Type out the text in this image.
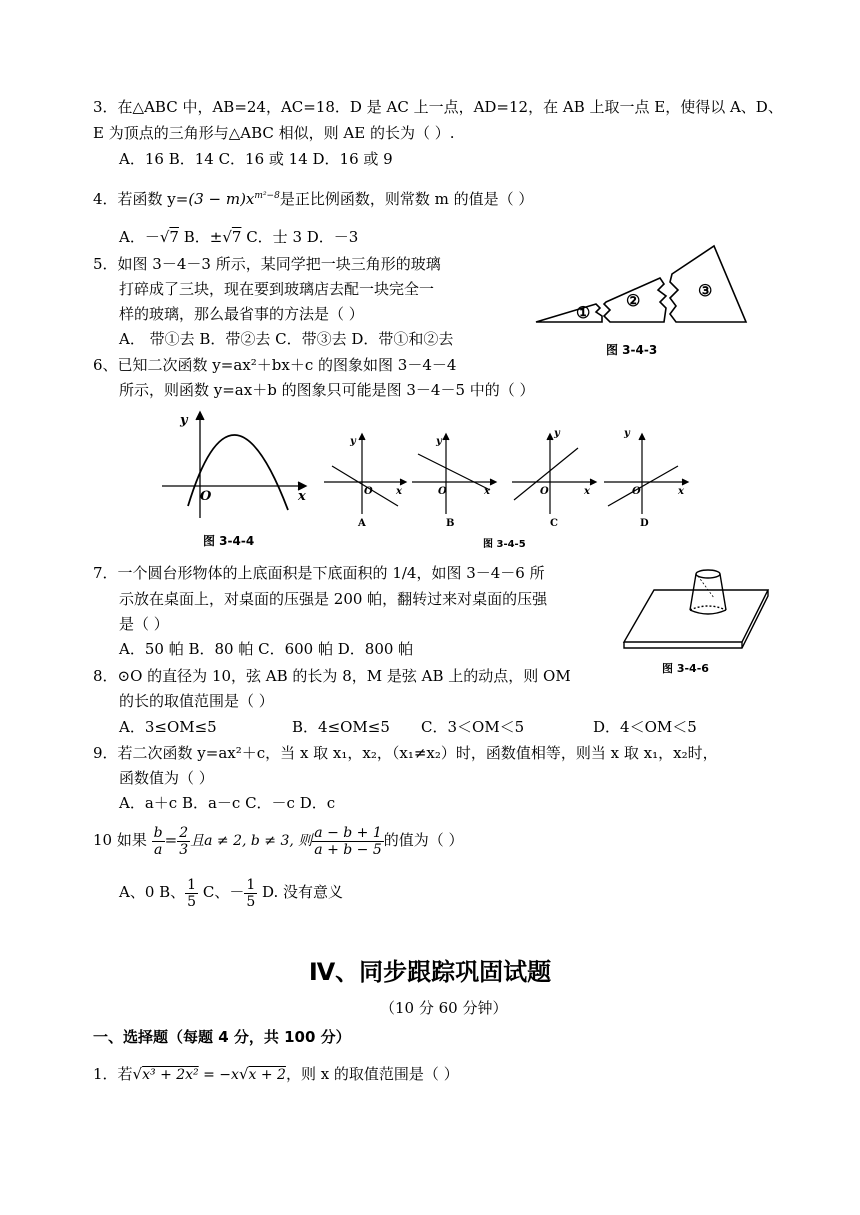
3．在△ABC 中，AB=24，AC=18．D 是 AC 上一点，AD=12，在 AB 上取一点 E，使得以 A、D、
E 为顶点的三角形与△ABC 相似，则 AE 的长为（ ）.
A．16 B．14 C．16 或 14 D．16 或 9
4．若函数 $y=(3 - m)x^{m^2-8}$是正比例函数，则常数 m 的值是（ ）
A．－√7 B．±√7 C．士 3 D．－3
5．如图 3－4－3 所示，某同学把一块三角形的玻璃
打碎成了三块，现在要到玻璃店去配一块完全一
样的玻璃，那么最省事的方法是（ ）
A． 带①去 B．带②去 C．带③去 D．带①和②去
①
②
③
图 3-4-3
6、已知二次函数 y=ax²＋bx＋c 的图象如图 3－4－4
所示，则函数 y=ax＋b 的图象只可能是图 3－4－5 中的（ ）
y
x
O
图 3-4-4
y
x
O
y
x
O
y
x
O
y
x
O
A	B	C	D
图 3-4-5
7．一个圆台形物体的上底面积是下底面积的 1/4，如图 3－4－6 所
示放在桌面上，对桌面的压强是 200 帕，翻转过来对桌面的压强
是（ ）
A．50 帕 B．80 帕 C．600 帕 D．800 帕
图 3-4-6
8．⊙O 的直径为 10，弦 AB 的长为 8，M 是弦 AB 上的动点，则 OM
的长的取值范围是（ ）
A．3≤OM≤5	B．4≤OM≤5 C．3＜OM＜5	D．4＜OM＜5
9．若二次函数 y=ax²＋c，当 x 取 x₁，x₂，（x₁≠x₂）时，函数值相等，则当 x 取 x₁，x₂时，
函数值为（ ）
A．a＋c B．a－c C．－c D．c
10 如果 $\frac{b}{a} = \frac{2}{3}$ 且a ≠ 2, b ≠ 3, 则 $\frac{a - b + 1}{a + b - 5}$ 的值为（ ）
A、0 B、 $\frac{1}{5}$ C、－ $\frac{1}{5} D$. 没有意义
Ⅳ、同步跟踪巩固试题
（10 分 60 分钟）
一、选择题（每题 4 分，共 100 分）
1．若√x³ + 2x² = −x√x + 2，则 x 的取值范围是（ ）
